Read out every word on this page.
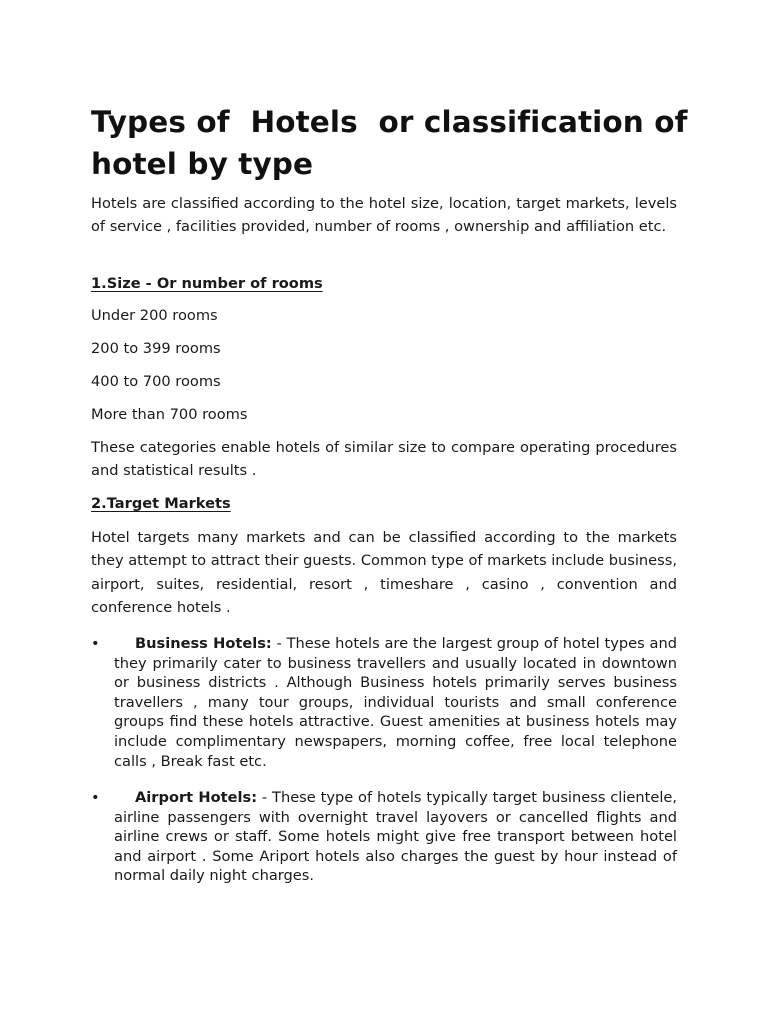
Types of  Hotels  or classification of hotel by type

Hotels are classified according to the hotel size, location, target markets, levels of service , facilities provided, number of rooms , ownership and affiliation etc.

1.Size - Or number of rooms

Under 200 rooms

200 to 399 rooms

400 to 700 rooms

More than 700 rooms

These categories enable hotels of similar size to compare operating procedures and statistical results .

2.Target Markets

Hotel targets many markets and can be classified according to the markets they attempt to attract their guests. Common type of markets include business, airport, suites, residential, resort , timeshare , casino , convention and conference hotels .

•	Business Hotels: - These hotels are the largest group of hotel types and they primarily cater to business travellers and usually located in downtown or business districts . Although Business hotels primarily serves business travellers , many tour groups, individual tourists and small conference groups find these hotels attractive. Guest amenities at business hotels may include complimentary newspapers, morning coffee, free local telephone calls , Break fast etc.

•	Airport Hotels: - These type of hotels typically target business clientele, airline passengers with overnight travel layovers or cancelled flights and airline crews or staff. Some hotels might give free transport between hotel and airport . Some Ariport hotels also charges the guest by hour instead of normal daily night charges.
